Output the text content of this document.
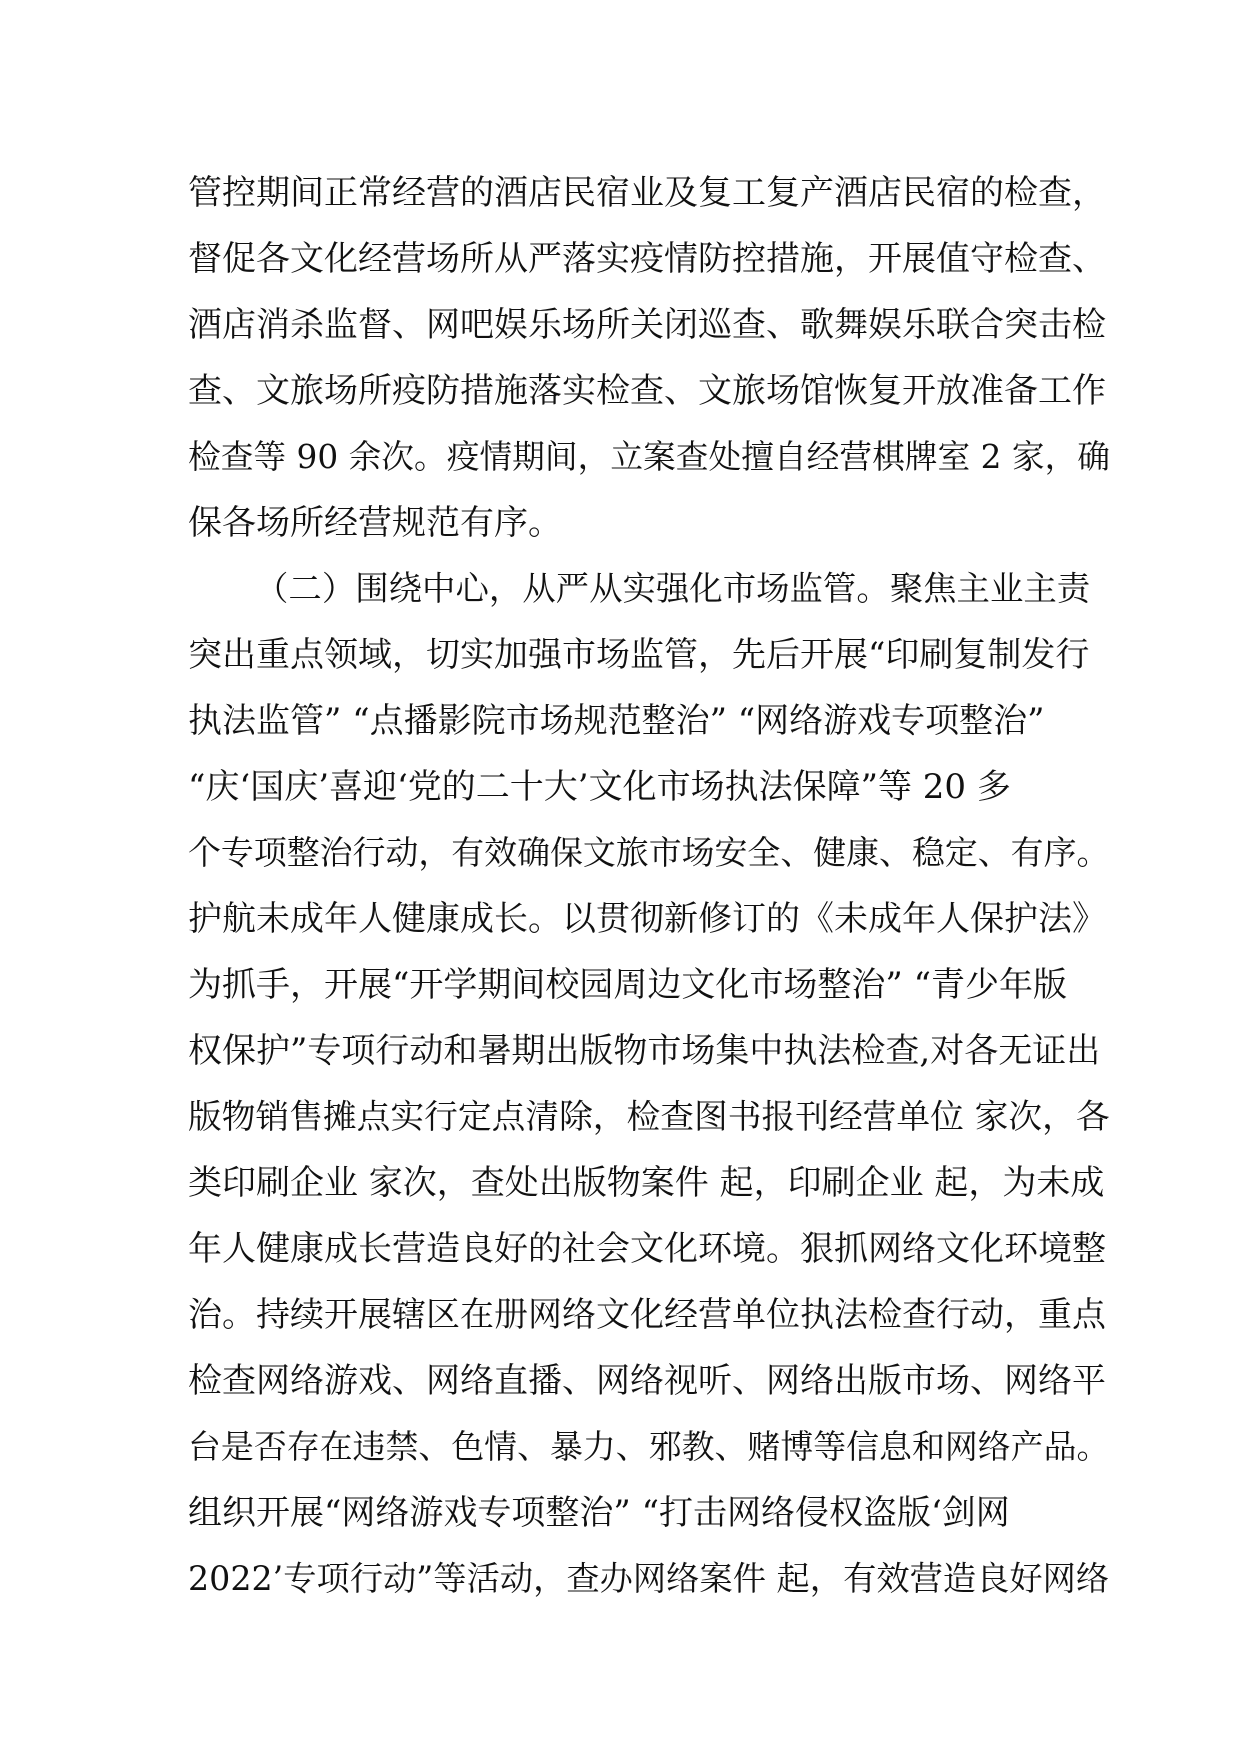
管控期间正常经营的酒店民宿业及复工复产酒店民宿的检查，
督促各文化经营场所从严落实疫情防控措施，开展值守检查、
酒店消杀监督、网吧娱乐场所关闭巡查、歌舞娱乐联合突击检
查、文旅场所疫防措施落实检查、文旅场馆恢复开放准备工作
检查等 90 余次。疫情期间，立案查处擅自经营棋牌室 2 家，确
保各场所经营规范有序。
（二）围绕中心，从严从实强化市场监管。聚焦主业主责
突出重点领域，切实加强市场监管，先后开展“印刷复制发行
执法监管” “点播影院市场规范整治” “网络游戏专项整治”
“庆‘国庆’喜迎‘党的二十大’文化市场执法保障”等 20 多
个专项整治行动，有效确保文旅市场安全、健康、稳定、有序。
护航未成年人健康成长。以贯彻新修订的《未成年人保护法》
为抓手，开展“开学期间校园周边文化市场整治” “青少年版
权保护”专项行动和暑期出版物市场集中执法检查,对各无证出
版物销售摊点实行定点清除，检查图书报刊经营单位 家次，各
类印刷企业 家次，查处出版物案件 起，印刷企业 起，为未成
年人健康成长营造良好的社会文化环境。狠抓网络文化环境整
治。持续开展辖区在册网络文化经营单位执法检查行动，重点
检查网络游戏、网络直播、网络视听、网络出版市场、网络平
台是否存在违禁、色情、暴力、邪教、赌博等信息和网络产品。
组织开展“网络游戏专项整治” “打击网络侵权盗版‘剑网
2022’专项行动”等活动，查办网络案件 起，有效营造良好网络
